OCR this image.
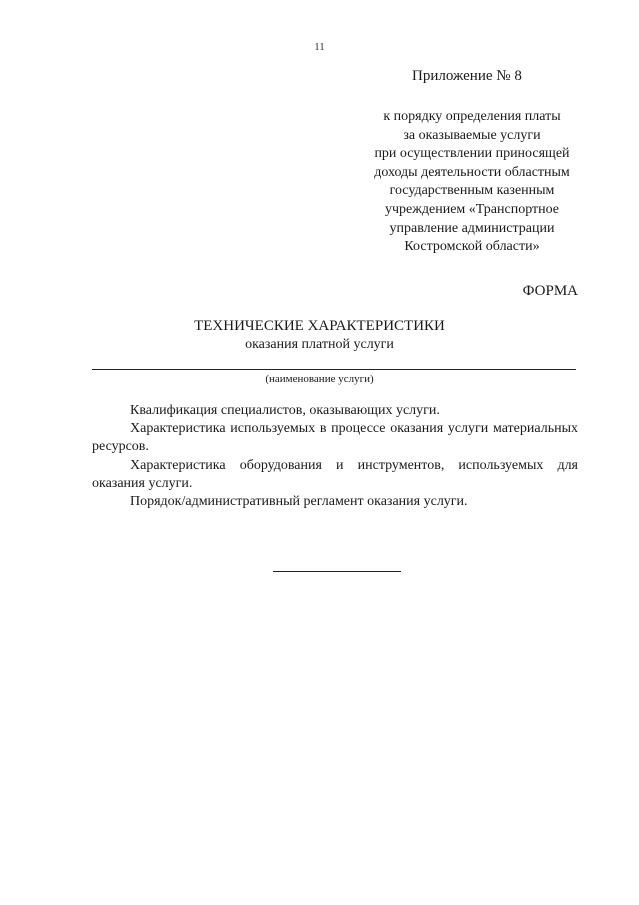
11
Приложение № 8
к порядку определения платы
за оказываемые услуги
при осуществлении приносящей
доходы деятельности областным
государственным казенным
учреждением «Транспортное
управление администрации
Костромской области»
ФОРМА
ТЕХНИЧЕСКИЕ ХАРАКТЕРИСТИКИ
оказания платной услуги
(наименование услуги)
Квалификация специалистов, оказывающих услуги.
Характеристика используемых в процессе оказания услуги материальных ресурсов.
Характеристика оборудования и инструментов, используемых для оказания услуги.
Порядок/административный регламент оказания услуги.
